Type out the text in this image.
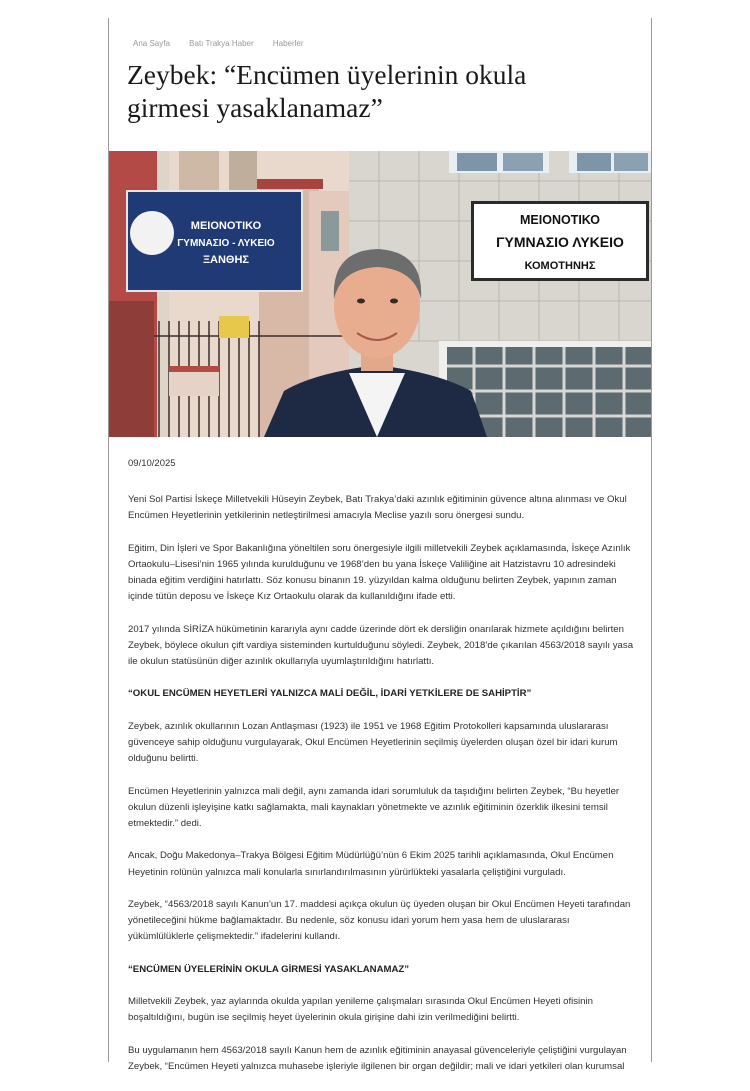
Ana Sayfa Batı Trakya Haber Haberler
Zeybek: “Encümen üyelerinin okula
girmesi yasaklanamaz”
ΜΕΙΟΝΟΤΙΚΟ
ΓΥΜΝΑΣΙΟ - ΛΥΚΕΙΟ
ΞΑΝΘΗΣ
ΜΕΙΟΝΟΤΙΚΟ
ΓΥΜΝΑΣΙΟ ΛΥΚΕΙΟ
ΚΟΜΟΤΗΝΗΣ
09/10/2025

Yeni Sol Partisi İskeçe Milletvekili Hüseyin Zeybek, Batı Trakya’daki azınlık eğitiminin güvence altına alınması ve Okul Encümen Heyetlerinin yetkilerinin netleştirilmesi amacıyla Meclise yazılı soru önergesi sundu.

Eğitim, Din İşleri ve Spor Bakanlığına yöneltilen soru önergesiyle ilgili milletvekili Zeybek açıklamasında, İskeçe Azınlık Ortaokulu–Lisesi’nin 1965 yılında kurulduğunu ve 1968’den bu yana İskeçe Valiliğine ait Hatzistavru 10 adresindeki binada eğitim verdiğini hatırlattı. Söz konusu binanın 19. yüzyıldan kalma olduğunu belirten Zeybek, yapının zaman içinde tütün deposu ve İskeçe Kız Ortaokulu olarak da kullanıldığını ifade etti.

2017 yılında SİRİZA hükümetinin kararıyla aynı cadde üzerinde dört ek dersliğin onarılarak hizmete açıldığını belirten Zeybek, böylece okulun çift vardiya sisteminden kurtulduğunu söyledi. Zeybek, 2018’de çıkarılan 4563/2018 sayılı yasa ile okulun statüsünün diğer azınlık okullarıyla uyumlaştırıldığını hatırlattı.

“OKUL ENCÜMEN HEYETLERİ YALNIZCA MALİ DEĞİL, İDARİ YETKİLERE DE SAHİPTİR”

Zeybek, azınlık okullarının Lozan Antlaşması (1923) ile 1951 ve 1968 Eğitim Protokolleri kapsamında uluslararası güvenceye sahip olduğunu vurgulayarak, Okul Encümen Heyetlerinin seçilmiş üyelerden oluşan özel bir idari kurum olduğunu belirtti.

Encümen Heyetlerinin yalnızca mali değil, aynı zamanda idari sorumluluk da taşıdığını belirten Zeybek, “Bu heyetler okulun düzenli işleyişine katkı sağlamakta, mali kaynakları yönetmekte ve azınlık eğitiminin özerklik ilkesini temsil etmektedir.” dedi.

Ancak, Doğu Makedonya–Trakya Bölgesi Eğitim Müdürlüğü’nün 6 Ekim 2025 tarihli açıklamasında, Okul Encümen Heyetinin rolünün yalnızca mali konularla sınırlandırılmasının yürürlükteki yasalarla çeliştiğini vurguladı.

Zeybek, “4563/2018 sayılı Kanun’un 17. maddesi açıkça okulun üç üyeden oluşan bir Okul Encümen Heyeti tarafından yönetileceğini hükme bağlamaktadır. Bu nedenle, söz konusu idari yorum hem yasa hem de uluslararası yükümlülüklerle çelişmektedir.” ifadelerini kullandı.

“ENCÜMEN ÜYELERİNİN OKULA GİRMESİ YASAKLANAMAZ”

Milletvekili Zeybek, yaz aylarında okulda yapılan yenileme çalışmaları sırasında Okul Encümen Heyeti ofisinin boşaltıldığını, bugün ise seçilmiş heyet üyelerinin okula girişine dahi izin verilmediğini belirtti.

Bu uygulamanın hem 4563/2018 sayılı Kanun hem de azınlık eğitiminin anayasal güvenceleriyle çeliştiğini vurgulayan Zeybek, “Encümen Heyeti yalnızca muhasebe işleriyle ilgilenen bir organ değildir; mali ve idari yetkileri olan kurumsal
